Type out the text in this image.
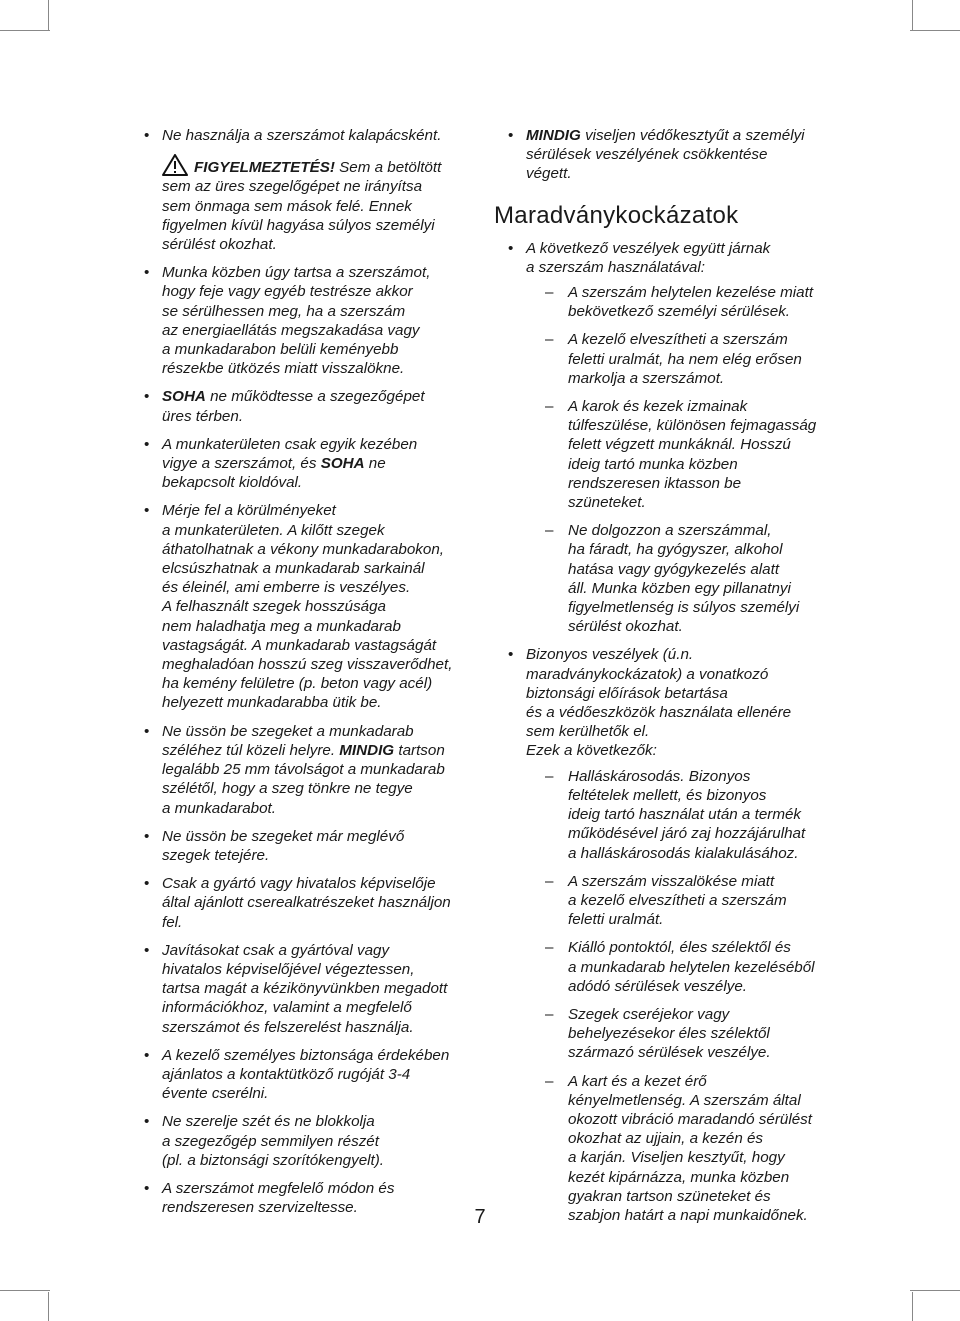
• Ne használja a szerszámot kalapácsként.

FIGYELMEZTETÉS! Sem a betöltött
sem az üres szegelőgépet ne irányítsa
sem önmaga sem mások felé. Ennek
figyelmen kívül hagyása súlyos személyi
sérülést okozhat.

• Munka közben úgy tartsa a szerszámot,
hogy feje vagy egyéb testrésze akkor
se sérülhessen meg, ha a szerszám
az energiaellátás megszakadása vagy
a munkadarabon belüli keményebb
részekbe ütközés miatt visszalökne.

• SOHA ne működtesse a szegezőgépet
üres térben.

• A munkaterületen csak egyik kezében
vigye a szerszámot, és SOHA ne
bekapcsolt kioldóval.

• Mérje fel a körülményeket
a munkaterületen. A kilőtt szegek
áthatolhatnak a vékony munkadarabokon,
elcsúszhatnak a munkadarab sarkainál
és éleinél, ami emberre is veszélyes.
A felhasznált szegek hosszúsága
nem haladhatja meg a munkadarab
vastagságát. A munkadarab vastagságát
meghaladóan hosszú szeg visszaverődhet,
ha kemény felületre (p. beton vagy acél)
helyezett munkadarabba ütik be.

• Ne üssön be szegeket a munkadarab
széléhez túl közeli helyre. MINDIG tartson
legalább 25 mm távolságot a munkadarab
szélétől, hogy a szeg tönkre ne tegye
a munkadarabot.

• Ne üssön be szegeket már meglévő
szegek tetejére.

• Csak a gyártó vagy hivatalos képviselője
által ajánlott cserealkatrészeket használjon
fel.

• Javításokat csak a gyártóval vagy
hivatalos képviselőjével végeztessen,
tartsa magát a kézikönyvünkben megadott
információkhoz, valamint a megfelelő
szerszámot és felszerelést használja.

• A kezelő személyes biztonsága érdekében
ajánlatos a kontaktütköző rugóját 3-4
évente cserélni.

• Ne szerelje szét és ne blokkolja
a szegezőgép semmilyen részét
(pl. a biztonsági szorítókengyelt).

• A szerszámot megfelelő módon és
rendszeresen szervizeltesse.

• MINDIG viseljen védőkesztyűt a személyi
sérülések veszélyének csökkentése
végett.

Maradványkockázatok

• A következő veszélyek együtt járnak
a szerszám használatával:

– A szerszám helytelen kezelése miatt
bekövetkező személyi sérülések.
– A kezelő elveszítheti a szerszám
feletti uralmát, ha nem elég erősen
markolja a szerszámot.
– A karok és kezek izmainak
túlfeszülése, különösen fejmagasság
felett végzett munkáknál. Hosszú
ideig tartó munka közben
rendszeresen iktasson be
szüneteket.
– Ne dolgozzon a szerszámmal,
ha fáradt, ha gyógyszer, alkohol
hatása vagy gyógykezelés alatt
áll. Munka közben egy pillanatnyi
figyelmetlenség is súlyos személyi
sérülést okozhat.

• Bizonyos veszélyek (ú.n.
maradványkockázatok) a vonatkozó
biztonsági előírások betartása
és a védőeszközök használata ellenére
sem kerülhetők el.
Ezek a következők:

– Halláskárosodás. Bizonyos
feltételek mellett, és bizonyos
ideig tartó használat után a termék
működésével járó zaj hozzájárulhat
a halláskárosodás kialakulásához.
– A szerszám visszalökése miatt
a kezelő elveszítheti a szerszám
feletti uralmát.
– Kiálló pontoktól, éles szélektől és
a munkadarab helytelen kezeléséből
adódó sérülések veszélye.
– Szegek cseréjekor vagy
behelyezésekor éles szélektől
származó sérülések veszélye.
– A kart és a kezet érő
kényelmetlenség. A szerszám által
okozott vibráció maradandó sérülést
okozhat az ujjain, a kezén és
a karján. Viseljen kesztyűt, hogy
kezét kipárnázza, munka közben
gyakran tartson szüneteket és
szabjon határt a napi munkaidőnek.
7
